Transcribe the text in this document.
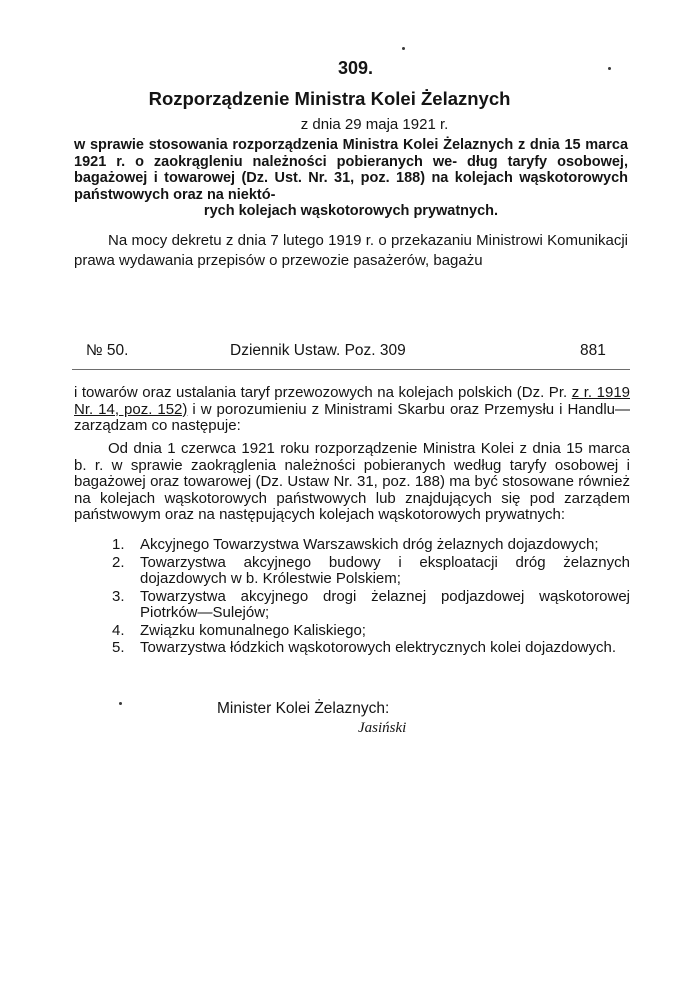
309.
Rozporządzenie Ministra Kolei Żelaznych
z dnia 29 maja 1921 r.
w sprawie stosowania rozporządzenia Ministra Kolei Żelaznych z dnia 15 marca 1921 r. o zaokrągleniu należności pobieranych we- dług taryfy osobowej, bagażowej i towarowej (Dz. Ust. Nr. 31, poz. 188) na kolejach wąskotorowych państwowych oraz na niektó-
rych kolejach wąskotorowych prywatnych.
Na mocy dekretu z dnia 7 lutego 1919 r. o przekazaniu Ministrowi Komunikacji prawa wydawania przepisów o przewozie pasażerów, bagażu
№ 50.	Dziennik Ustaw. Poz. 309	881
i towarów oraz ustalania taryf przewozowych na kolejach polskich (Dz. Pr. z r. 1919 Nr. 14, poz. 152) i w porozumieniu z Ministrami Skarbu oraz Przemysłu i Handlu—zarządzam co następuje:
Od dnia 1 czerwca 1921 roku rozporządzenie Ministra Kolei z dnia 15 marca b. r. w sprawie zaokrąglenia należności pobieranych według taryfy osobowej i bagażowej oraz towarowej (Dz. Ustaw Nr. 31, poz. 188) ma być stosowane również na kolejach wąskotorowych państwowych lub znajdujących się pod zarządem państwowym oraz na następujących kolejach wąskotorowych prywatnych:
1. Akcyjnego Towarzystwa Warszawskich dróg żelaznych dojazdowych;
2. Towarzystwa akcyjnego budowy i eksploatacji dróg żelaznych dojazdowych w b. Królestwie Polskiem;
3. Towarzystwa akcyjnego drogi żelaznej podjazdowej wąskotorowej Piotrków—Sulejów;
4. Związku komunalnego Kaliskiego;
5. Towarzystwa łódzkich wąskotorowych elektrycznych kolei dojazdowych.
Minister Kolei Żelaznych:
Jasiński
